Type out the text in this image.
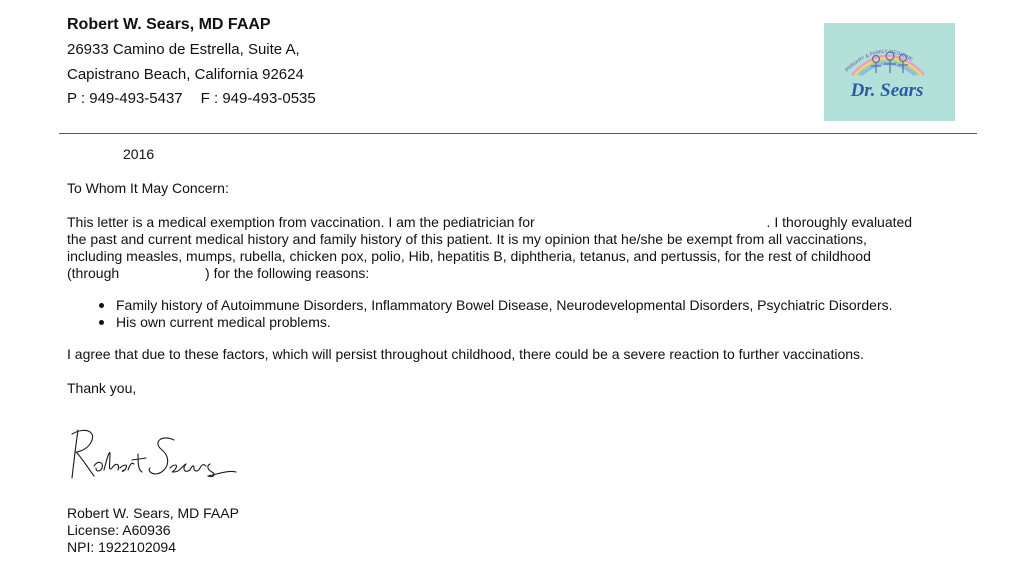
Robert W. Sears, MD FAAP
26933 Camino de Estrella, Suite A,
Capistrano Beach, California 92624
P : 949-493-5437 F : 949-493-0535
PRIMARY & FAMILY MEDICINE
Dr. Sears
2016
To Whom It May Concern:
This letter is a medical exemption from vaccination. I am the pediatrician for	. I thoroughly evaluated
the past and current medical history and family history of this patient. It is my opinion that he/she be exempt from all vaccinations,
including measles, mumps, rubella, chicken pox, polio, Hib, hepatitis B, diphtheria, tetanus, and pertussis, for the rest of childhood
(through	) for the following reasons:
Family history of Autoimmune Disorders, Inflammatory Bowel Disease, Neurodevelopmental Disorders, Psychiatric Disorders.
His own current medical problems.
I agree that due to these factors, which will persist throughout childhood, there could be a severe reaction to further vaccinations.
Thank you,
Robert W. Sears, MD FAAP
License: A60936
NPI: 1922102094
